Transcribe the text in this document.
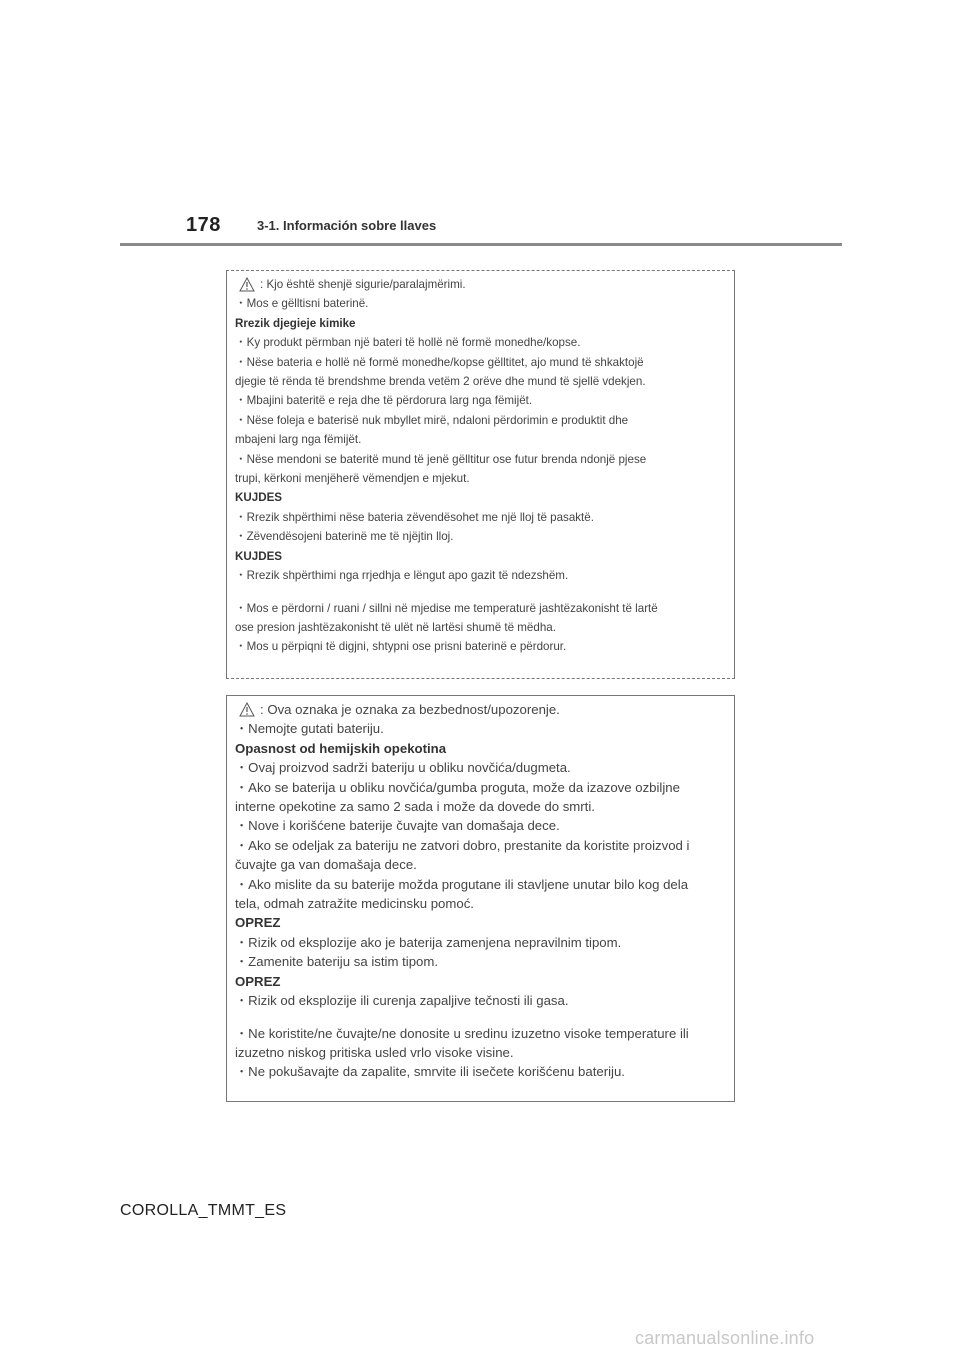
178	3-1. Información sobre llaves
: Kjo është shenjë sigurie/paralajmërimi.
・Mos e gëlltisni baterinë.
Rrezik djegieje kimike
・Ky produkt përmban një bateri të hollë në formë monedhe/kopse.
・Nëse bateria e hollë në formë monedhe/kopse gëlltitet, ajo mund të shkaktojë
djegie të rënda të brendshme brenda vetëm 2 orëve dhe mund të sjellë vdekjen.
・Mbajini bateritë e reja dhe të përdorura larg nga fëmijët.
・Nëse foleja e baterisë nuk mbyllet mirë, ndaloni përdorimin e produktit dhe
mbajeni larg nga fëmijët.
・Nëse mendoni se bateritë mund të jenë gëlltitur ose futur brenda ndonjë pjese
trupi, kërkoni menjëherë vëmendjen e mjekut.
KUJDES
・Rrezik shpërthimi nëse bateria zëvendësohet me një lloj të pasaktë.
・Zëvendësojeni baterinë me të njëjtin lloj.
KUJDES
・Rrezik shpërthimi nga rrjedhja e lëngut apo gazit të ndezshëm.
・Mos e përdorni / ruani / sillni në mjedise me temperaturë jashtëzakonisht të lartë
ose presion jashtëzakonisht të ulët në lartësi shumë të mëdha.
・Mos u përpiqni të digjni, shtypni ose prisni baterinë e përdorur.
: Ova oznaka je oznaka za bezbednost/upozorenje.
・Nemojte gutati bateriju.
Opasnost od hemijskih opekotina
・Ovaj proizvod sadrži bateriju u obliku novčića/dugmeta.
・Ako se baterija u obliku novčića/gumba proguta, može da izazove ozbiljne
interne opekotine za samo 2 sada i može da dovede do smrti.
・Nove i korišćene baterije čuvajte van domašaja dece.
・Ako se odeljak za bateriju ne zatvori dobro, prestanite da koristite proizvod i
čuvajte ga van domašaja dece.
・Ako mislite da su baterije možda progutane ili stavljene unutar bilo kog dela
tela, odmah zatražite medicinsku pomoć.
OPREZ
・Rizik od eksplozije ako je baterija zamenjena nepravilnim tipom.
・Zamenite bateriju sa istim tipom.
OPREZ
・Rizik od eksplozije ili curenja zapaljive tečnosti ili gasa.
・Ne koristite/ne čuvajte/ne donosite u sredinu izuzetno visoke temperature ili
izuzetno niskog pritiska usled vrlo visoke visine.
・Ne pokušavajte da zapalite, smrvite ili isečete korišćenu bateriju.
COROLLA_TMMT_ES
carmanualsonline.info
